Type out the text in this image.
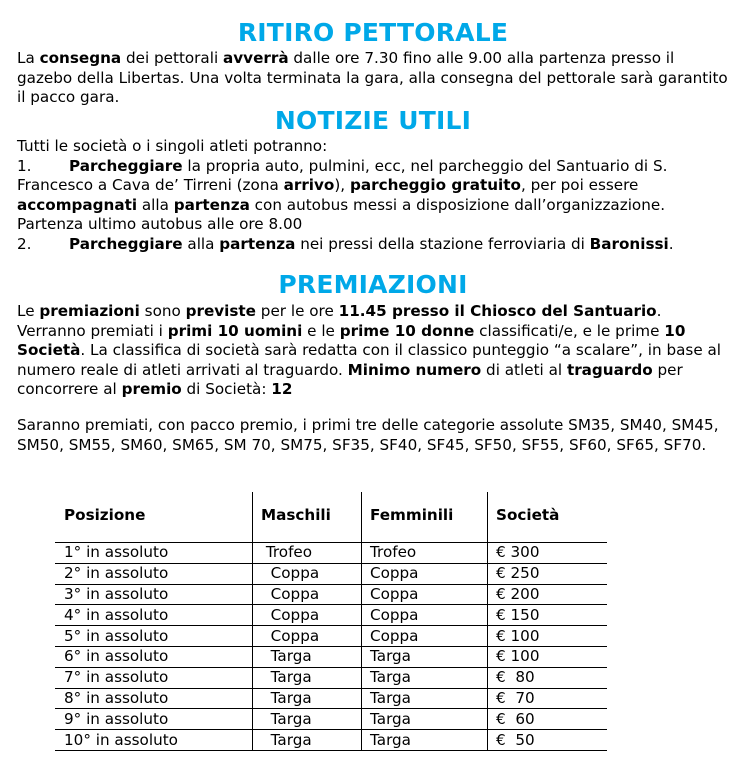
RITIRO PETTORALE

La consegna dei pettorali avverrà dalle ore 7.30 fino alle 9.00 alla partenza presso il gazebo della Libertas. Una volta terminata la gara, alla consegna del pettorale sarà garantito il pacco gara.

NOTIZIE UTILI

Tutti le società o i singoli atleti potranno:

1. Parcheggiare la propria auto, pulmini, ecc, nel parcheggio del Santuario di S. Francesco a Cava de’ Tirreni (zona arrivo), parcheggio gratuito, per poi essere accompagnati alla partenza con autobus messi a disposizione dall’organizzazione. Partenza ultimo autobus alle ore 8.00

2. Parcheggiare alla partenza nei pressi della stazione ferroviaria di Baronissi.

PREMIAZIONI

Le premiazioni sono previste per le ore 11.45 presso il Chiosco del Santuario. Verranno premiati i primi 10 uomini e le prime 10 donne classificati/e, e le prime 10 Società. La classifica di società sarà redatta con il classico punteggio “a scalare”, in base al numero reale di atleti arrivati al traguardo. Minimo numero di atleti al traguardo per concorrere al premio di Società: 12

Saranno premiati, con pacco premio, i primi tre delle categorie assolute SM35, SM40, SM45, SM50, SM55, SM60, SM65, SM 70, SM75, SF35, SF40, SF45, SF50, SF55, SF60, SF65, SF70.

Posizione	Maschili	Femminili	Società
1° in assoluto	Trofeo	Trofeo	€ 300
2° in assoluto	Coppa	Coppa	€ 250
3° in assoluto	Coppa	Coppa	€ 200
4° in assoluto	Coppa	Coppa	€ 150
5° in assoluto	Coppa	Coppa	€ 100
6° in assoluto	Targa	Targa	€ 100
7° in assoluto	Targa	Targa	€  80
8° in assoluto	Targa	Targa	€  70
9° in assoluto	Targa	Targa	€  60
10° in assoluto	Targa	Targa	€  50
